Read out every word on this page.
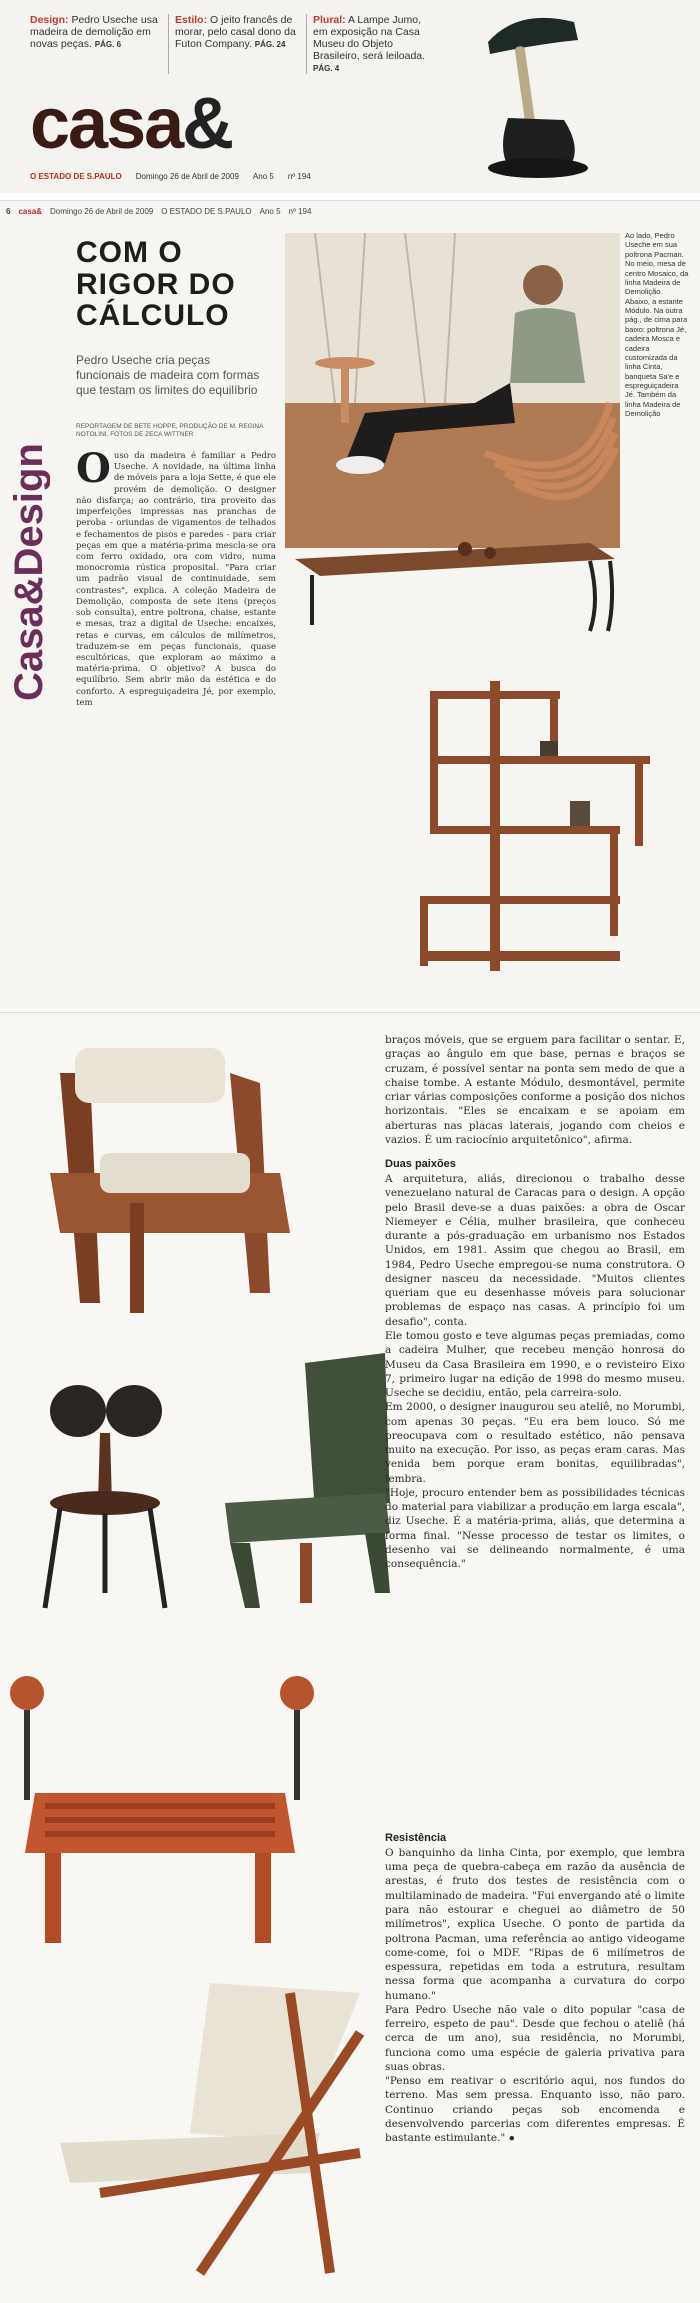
Design: Pedro Useche usa madeira de demolição em novas peças. PÁG. 6
Estilo: O jeito francês de morar, pelo casal dono da Futon Company. PÁG. 24
Plural: A Lampe Jumo, em exposição na Casa Museu do Objeto Brasileiro, será leiloada. PÁG. 4
casa&
O ESTADO DE S.PAULO Domingo 26 de Abril de 2009 Ano 5 nº 194
6 casa& Domingo 26 de Abril de 2009 O ESTADO DE S.PAULO Ano 5 nº 194
Casa&Design
COM O RIGOR DO CÁLCULO

Pedro Useche cria peças funcionais de madeira com formas que testam os limites do equilíbrio

REPORTAGEM DE BETE HOPPE, PRODUÇÃO DE M. REGINA NOTOLINI, FOTOS DE ZECA WITTNER

O uso da madeira é familiar a Pedro Useche. A novidade, na última linha de móveis para a loja Sette, é que ele provém de demolição. O designer não disfarça; ao contrário, tira proveito das imperfeições impressas nas pranchas de peroba - oriundas de vigamentos de telhados e fechamentos de pisos e paredes - para criar peças em que a matéria-prima mescla-se ora com ferro oxidado, ora com vidro, numa monocromia rústica proposital. "Para criar um padrão visual de continuidade, sem contrastes", explica. A coleção Madeira de Demolição, composta de sete itens (preços sob consulta), entre poltrona, chaise, estante e mesas, traz a digital de Useche: encaixes, retas e curvas, em cálculos de milímetros, traduzem-se em peças funcionais, quase escultóricas, que exploram ao máximo a matéria-prima. O objetivo? A busca do equilíbrio. Sem abrir mão da estética e do conforto. A espreguiçadeira Jé, por exemplo, tem

Ao lado, Pedro Useche em sua poltrona Pacman. No meio, mesa de centro Mosaico, da linha Madeira de Demolição. Abaixo, a estante Módulo. Na outra pág., de cima para baixo: poltrona Jé, cadeira Mosca e cadeira customizada da linha Cinta, banqueta Sa'e e espreguiçadeira Jé. Também da linha Madeira de Demolição

braços móveis, que se erguem para facilitar o sentar. E, graças ao ângulo em que base, pernas e braços se cruzam, é possível sentar na ponta sem medo de que a chaise tombe. A estante Módulo, desmontável, permite criar várias composições conforme a posição dos nichos horizontais. "Eles se encaixam e se apoiam em aberturas nas placas laterais, jogando com cheios e vazios. É um raciocínio arquitetônico", afirma.

Duas paixões

A arquitetura, aliás, direcionou o trabalho desse venezuelano natural de Caracas para o design. A opção pelo Brasil deve-se a duas paixões: a obra de Oscar Niemeyer e Célia, mulher brasileira, que conheceu durante a pós-graduação em urbanismo nos Estados Unidos, em 1981. Assim que chegou ao Brasil, em 1984, Pedro Useche empregou-se numa construtora. O designer nasceu da necessidade. "Muitos clientes queriam que eu desenhasse móveis para solucionar problemas de espaço nas casas. A princípio foi um desafio", conta.

Ele tomou gosto e teve algumas peças premiadas, como a cadeira Mulher, que recebeu menção honrosa do Museu da Casa Brasileira em 1990, e o revisteiro Eixo 7, primeiro lugar na edição de 1998 do mesmo museu. Useche se decidiu, então, pela carreira-solo.

Em 2000, o designer inaugurou seu ateliê, no Morumbi, com apenas 30 peças. "Eu era bem louco. Só me preocupava com o resultado estético, não pensava muito na execução. Por isso, as peças eram caras. Mas venida bem porque eram bonitas, equilibradas", lembra.

"Hoje, procuro entender bem as possibilidades técnicas do material para viabilizar a produção em larga escala", diz Useche. É a matéria-prima, aliás, que determina a forma final. "Nesse processo de testar os limites, o desenho vai se delineando normalmente, é uma consequência."

Resistência

O banquinho da linha Cinta, por exemplo, que lembra uma peça de quebra-cabeça em razão da ausência de arestas, é fruto dos testes de resistência com o multilaminado de madeira. "Fui envergando até o limite para não estourar e cheguei ao diâmetro de 50 milímetros", explica Useche. O ponto de partida da poltrona Pacman, uma referência ao antigo videogame come-come, foi o MDF. "Ripas de 6 milímetros de espessura, repetidas em toda a estrutura, resultam nessa forma que acompanha a curvatura do corpo humano."

Para Pedro Useche não vale o dito popular "casa de ferreiro, espeto de pau". Desde que fechou o ateliê (há cerca de um ano), sua residência, no Morumbi, funciona como uma espécie de galeria privativa para suas obras.

"Penso em reativar o escritório aqui, nos fundos do terreno. Mas sem pressa. Enquanto isso, não paro. Continuo criando peças sob encomenda e desenvolvendo parcerias com diferentes empresas. É bastante estimulante." ●
